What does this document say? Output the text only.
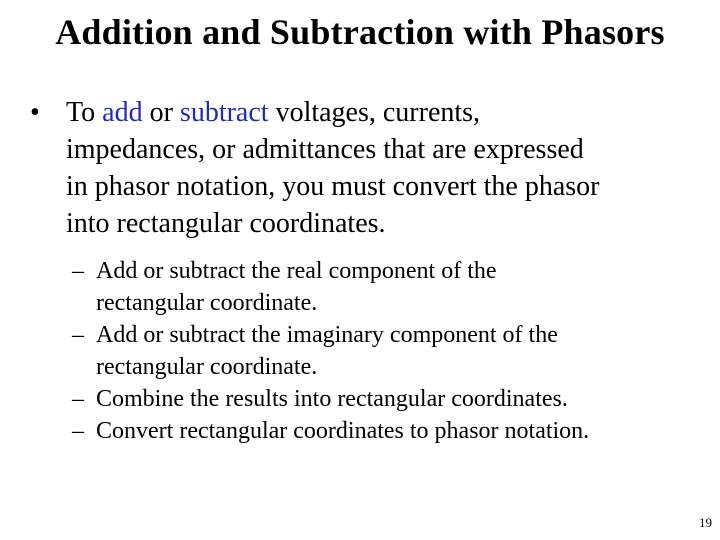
Addition and Subtraction with Phasors
• To add or subtract voltages, currents,
impedances, or admittances that are expressed
in phasor notation, you must convert the phasor
into rectangular coordinates.
– Add or subtract the real component of the
rectangular coordinate.
– Add or subtract the imaginary component of the
rectangular coordinate.
– Combine the results into rectangular coordinates.
– Convert rectangular coordinates to phasor notation.
19
